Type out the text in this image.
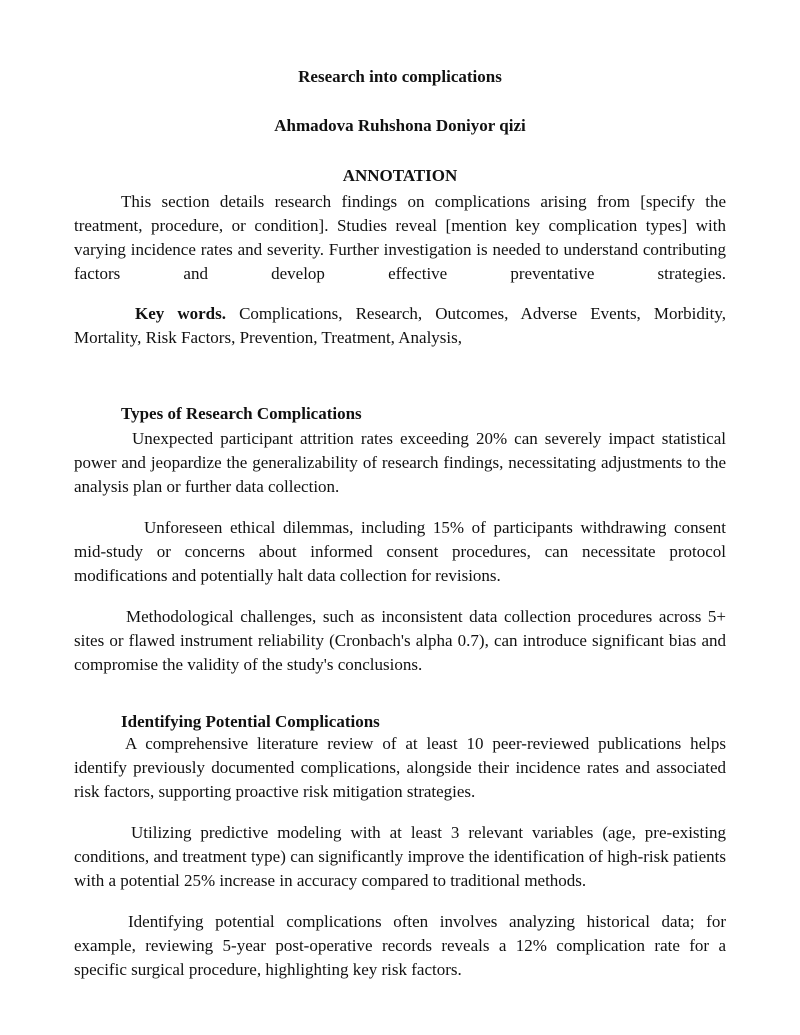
Research into complications

Ahmadova Ruhshona Doniyor qizi

ANNOTATION

This section details research findings on complications arising from [specify the treatment, procedure, or condition]. Studies reveal [mention key complication types] with varying incidence rates and severity. Further investigation is needed to understand contributing factors and develop effective preventative strategies.

Key words. Complications, Research, Outcomes, Adverse Events, Morbidity, Mortality, Risk Factors, Prevention, Treatment, Analysis,

Types of Research Complications

Unexpected participant attrition rates exceeding 20% can severely impact statistical power and jeopardize the generalizability of research findings, necessitating adjustments to the analysis plan or further data collection.

Unforeseen ethical dilemmas, including 15% of participants withdrawing consent mid-study or concerns about informed consent procedures, can necessitate protocol modifications and potentially halt data collection for revisions.

Methodological challenges, such as inconsistent data collection procedures across 5+ sites or flawed instrument reliability (Cronbach's alpha 0.7), can introduce significant bias and compromise the validity of the study's conclusions.

Identifying Potential Complications

A comprehensive literature review of at least 10 peer-reviewed publications helps identify previously documented complications, alongside their incidence rates and associated risk factors, supporting proactive risk mitigation strategies.

Utilizing predictive modeling with at least 3 relevant variables (age, pre-existing conditions, and treatment type) can significantly improve the identification of high-risk patients with a potential 25% increase in accuracy compared to traditional methods.

Identifying potential complications often involves analyzing historical data; for example, reviewing 5-year post-operative records reveals a 12% complication rate for a specific surgical procedure, highlighting key risk factors.
